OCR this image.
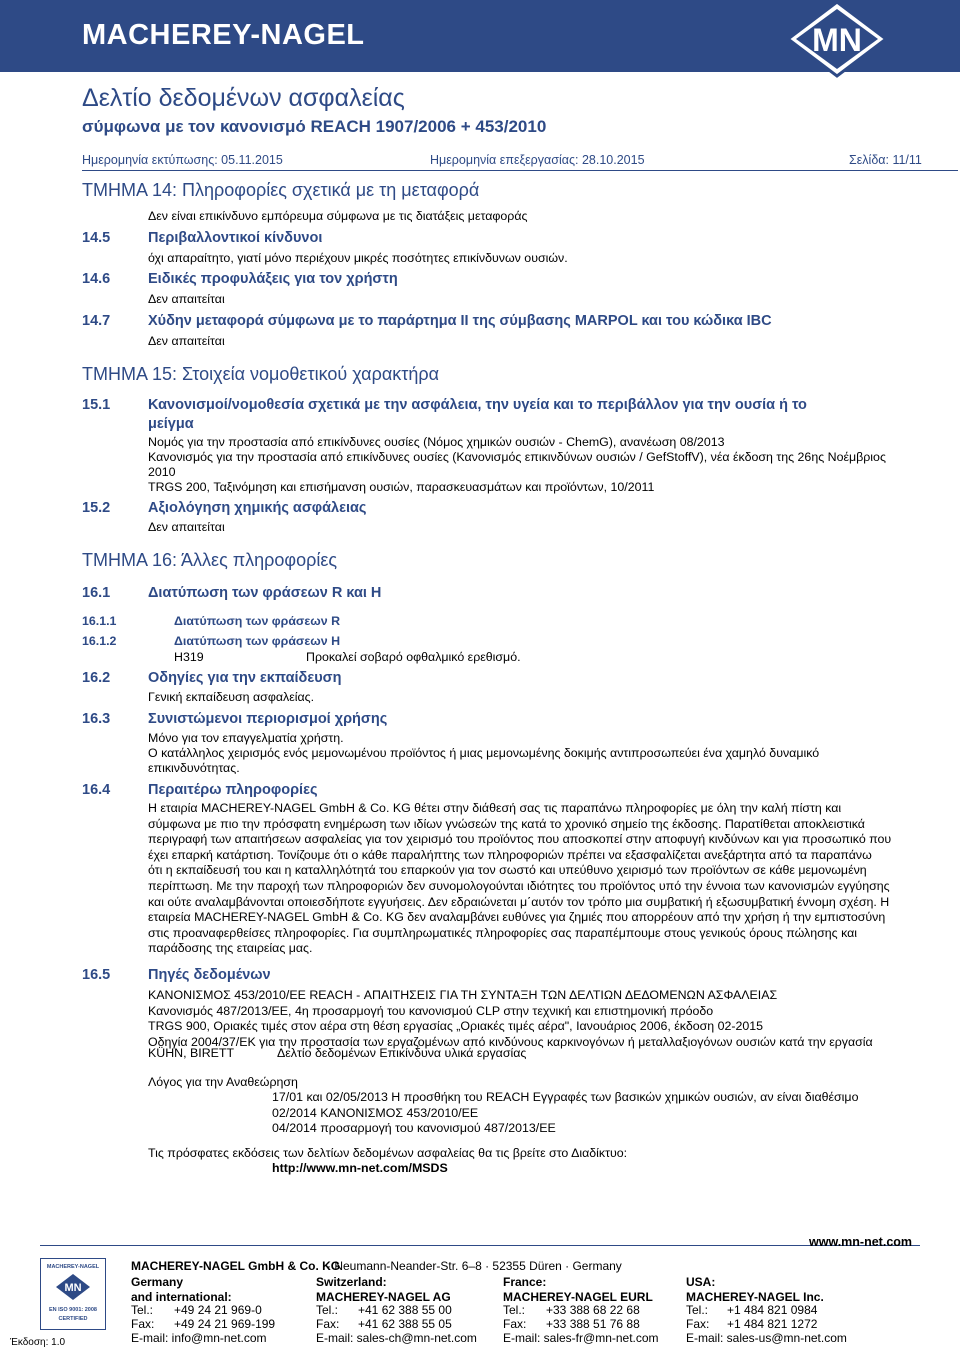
MACHEREY-NAGEL	MN
Δελτίο δεδομένων ασφαλείας
σύμφωνα με τον κανονισμό REACH 1907/2006 + 453/2010
Ημερομηνία εκτύπωσης: 05.11.2015	Ημερομηνία επεξεργασίας: 28.10.2015	Σελίδα: 11/11
ΤΜΗΜΑ 14: Πληροφορίες σχετικά με τη μεταφορά
Δεν είναι επικίνδυνο εμπόρευμα σύμφωνα με τις διατάξεις μεταφοράς
14.5	Περιβαλλοντικοί κίνδυνοι
όχι απαραίτητο, γιατί μόνο περιέχουν μικρές ποσότητες επικίνδυνων ουσιών.
14.6	Ειδικές προφυλάξεις για τον χρήστη
Δεν απαιτείται
14.7	Χύδην μεταφορά σύμφωνα με το παράρτημα II της σύμβασης MARPOL και του κώδικα IBC
Δεν απαιτείται
ΤΜΗΜΑ 15: Στοιχεία νομοθετικού χαρακτήρα
15.1	Κανονισμοί/νομοθεσία σχετικά με την ασφάλεια, την υγεία και το περιβάλλον για την ουσία ή το
μείγμα
Νομός για την προστασία από επικίνδυνες ουσίες (Νόμος χημικών ουσιών - ChemG), ανανέωση 08/2013
Κανονισμός για την προστασία από επικίνδυνες ουσίες (Κανονισμός επικινδύνων ουσιών / GefStoffV), νέα έκδοση της 26ης Νοέμβριος
2010
TRGS 200, Ταξινόμηση και επισήμανση ουσιών, παρασκευασμάτων και προϊόντων, 10/2011
15.2	Αξιολόγηση χημικής ασφάλειας
Δεν απαιτείται
ΤΜΗΜΑ 16: Άλλες πληροφορίες
16.1	Διατύπωση των φράσεων R και H
16.1.1	Διατύπωση των φράσεων R
16.1.2	Διατύπωση των φράσεων H
H319	Προκαλεί σοβαρό οφθαλμικό ερεθισμό.
16.2	Οδηγίες για την εκπαίδευση
Γενική εκπαίδευση ασφαλείας.
16.3	Συνιστώμενοι περιορισμοί χρήσης
Μόνο για τον επαγγελματία χρήστη.
Ο κατάλληλος χειρισμός ενός μεμονωμένου προϊόντος ή μιας μεμονωμένης δοκιμής αντιπροσωπεύει ένα χαμηλό δυναμικό
επικινδυνότητας.
16.4	Περαιτέρω πληροφορίες
Η εταιρία MACHEREY-NAGEL GmbH & Co. KG θέτει στην διάθεσή σας τις παραπάνω πληροφορίες με όλη την καλή πίστη και
σύμφωνα με πιο την πρόσφατη ενημέρωση των ιδίων γνώσεών της κατά το χρονικό σημείο της έκδοσης. Παρατίθεται αποκλειστικά
περιγραφή των απαιτήσεων ασφαλείας για τον χειρισμό του προϊόντος που αποσκοπεί στην αποφυγή κινδύνων και για προσωπικό που
έχει επαρκή κατάρτιση. Τονίζουμε ότι ο κάθε παραλήπτης των πληροφοριών πρέπει να εξασφαλίζεται ανεξάρτητα από τα παραπάνω
ότι η εκπαίδευσή του και η καταλληλότητά του επαρκούν για τον σωστό και υπεύθυνο χειρισμό των προϊόντων σε κάθε μεμονωμένη
περίπτωση. Με την παροχή των πληροφοριών δεν συνομολογούνται ιδιότητες του προϊόντος υπό την έννοια των κανονισμών εγγύησης
και ούτε αναλαμβάνονται οποιεσδήποτε εγγυήσεις. Δεν εδραιώνεται μ΄αυτόν τον τρόπο μια συμβατική ή εξωσυμβατική έννομη σχέση. Η
εταιρεία MACHEREY-NAGEL GmbH & Co. KG δεν αναλαμβάνει ευθύνες για ζημιές που απορρέουν από την χρήση ή την εμπιστοσύνη
στις προαναφερθείσες πληροφορίες. Για συμπληρωματικές πληροφορίες σας παραπέμπουμε στους γενικούς όρους πώλησης και
παράδοσης της εταιρείας μας.
16.5	Πηγές δεδομένων
ΚΑΝΟΝΙΣΜΟΣ 453/2010/ΕΕ REACH - ΑΠΑΙΤΗΣΕΙΣ ΓΙΑ ΤΗ ΣΥΝΤΑΞΗ ΤΩΝ ΔΕΛΤΙΩΝ ΔΕΔΟΜΕΝΩΝ ΑΣΦΑΛΕΙΑΣ
Κανονισμός 487/2013/ΕΕ, 4η προσαρμογή του κανονισμού CLP στην τεχνική και επιστημονική πρόοδο
TRGS 900, Οριακές τιμές στον αέρα στη θέση εργασίας „Οριακές τιμές αέρα", Ιανουάριος 2006, έκδοση 02-2015
Οδηγία 2004/37/ΕΚ για την προστασία των εργαζομένων από κινδύνους καρκινογόνων ή μεταλλαξιογόνων ουσιών κατά την εργασία
KÜHN, BIRETT	Δελτίο δεδομένων Επικίνδυνα υλικά εργασίας
Λόγος για την Αναθεώρηση
17/01 και 02/05/2013 H προσθήκη του REACH Εγγραφές των βασικών χημικών ουσιών, αν είναι διαθέσιμο
02/2014 ΚΑΝΟΝΙΣΜΟΣ 453/2010/ΕΕ
04/2014 προσαρμογή του κανονισμού 487/2013/ΕΕ
Τις πρόσφατες εκδόσεις των δελτίων δεδομένων ασφαλείας θα τις βρείτε στο Διαδίκτυο:
http://www.mn-net.com/MSDS
www.mn-net.com
MACHEREY-NAGEL
MN
EN ISO 9001: 2008
CERTIFIED
Έκδοση: 1.0
MACHEREY-NAGEL GmbH & Co. KG
· Neumann-Neander-Str. 6–8 · 52355 Düren · Germany
Germany
and international:
Tel.: +49 24 21 969-0
Fax: +49 24 21 969-199
E-mail: info@mn-net.com
Switzerland:
MACHEREY-NAGEL AG
Tel.: +41 62 388 55 00
Fax: +41 62 388 55 05
E-mail: sales-ch@mn-net.com
France:
MACHEREY-NAGEL EURL
Tel.: +33 388 68 22 68
Fax: +33 388 51 76 88
E-mail: sales-fr@mn-net.com
USA:
MACHEREY-NAGEL Inc.
Tel.: +1 484 821 0984
Fax: +1 484 821 1272
E-mail: sales-us@mn-net.com
